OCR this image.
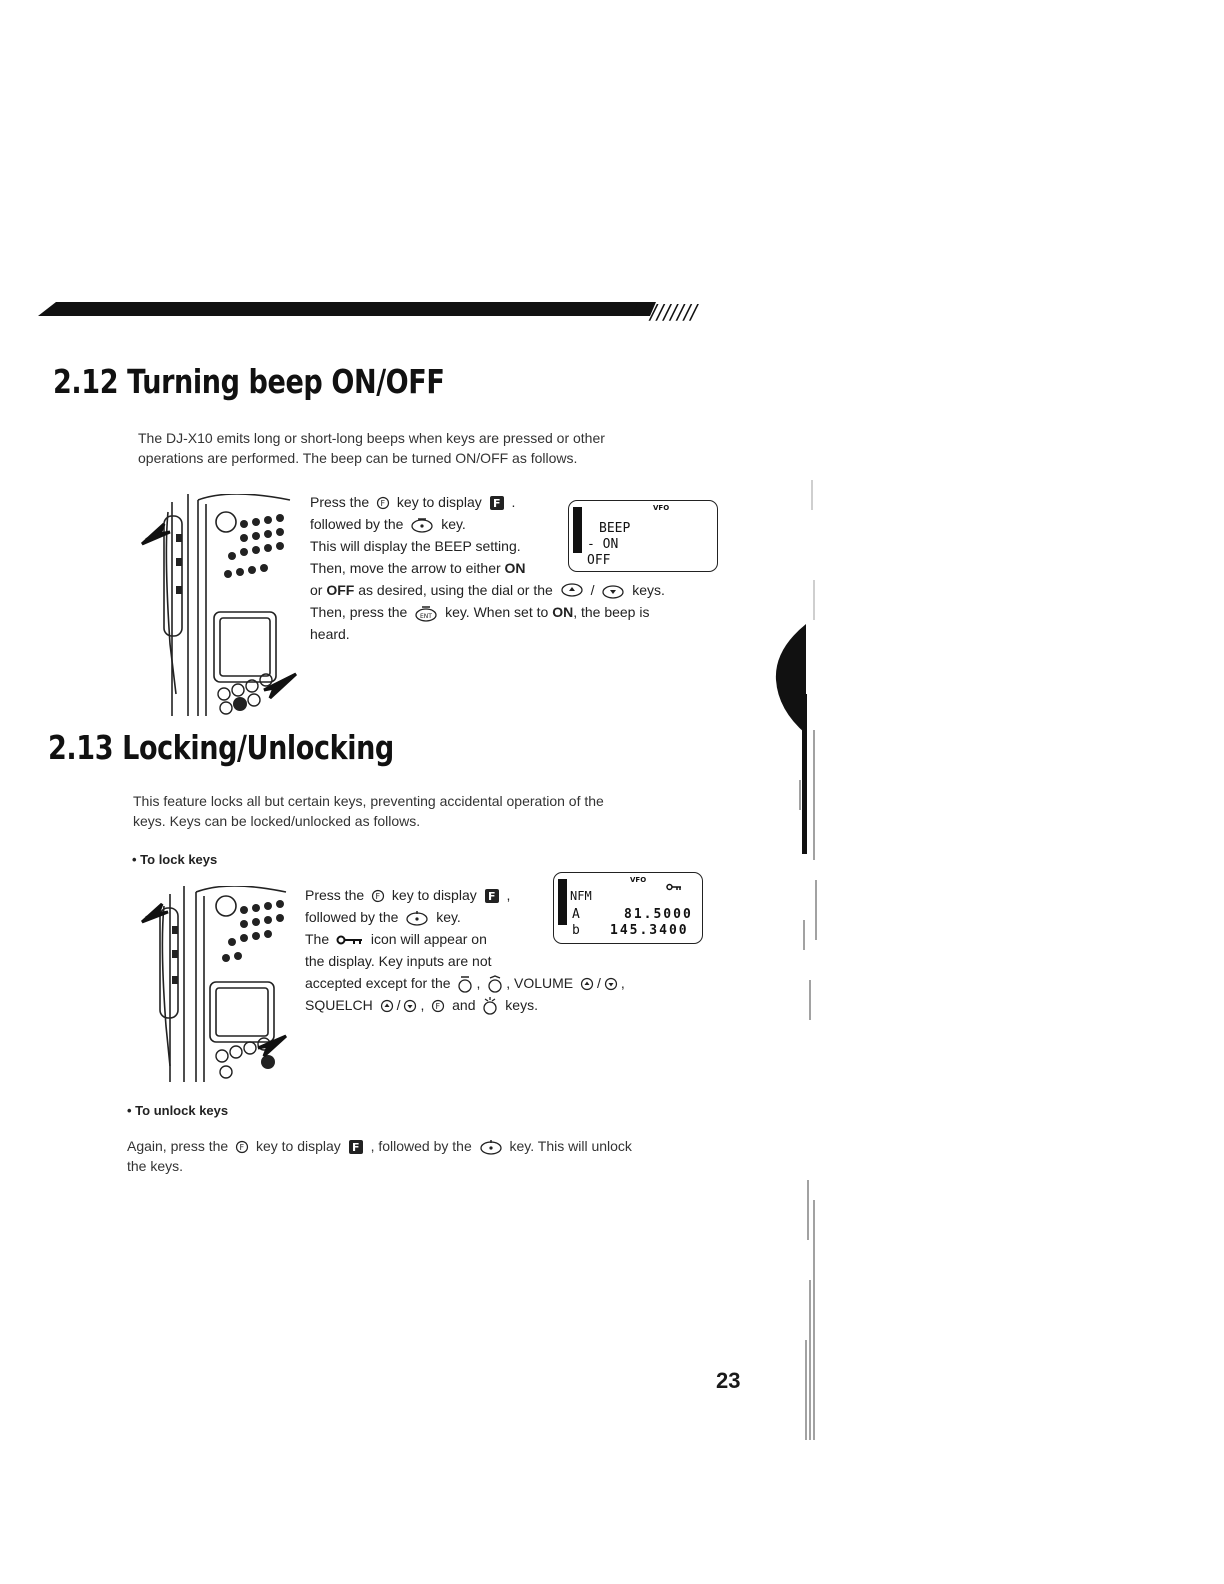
///////
2.12 Turning beep ON/OFF

The DJ-X10 emits long or short-long beeps when keys are pressed or other

operations are performed. The beep can be turned ON/OFF as follows.

VFO
BEEP
- ON
OFF
Press the F key to display F .
followed by the	key.
This will display the BEEP setting.
Then, move the arrow to either ON
or OFF as desired, using the dial or the	/	keys.
Then, press the ENT key. When set to ON, the beep is
heard.
2.13 Locking/Unlocking

This feature locks all but certain keys, preventing accidental operation of the

keys. Keys can be locked/unlocked as follows.

• To lock keys

VFO
NFM
A	81.5000
b 145.3400
Press the F key to display F ,
followed by the	key.
The	icon will appear on
the display. Key inputs are not
accepted except for the , , VOLUME / ,
SQUELCH / , F and keys.

• To unlock keys

Again, press the F key to display F , followed by the	key. This will unlock
the keys.
23
